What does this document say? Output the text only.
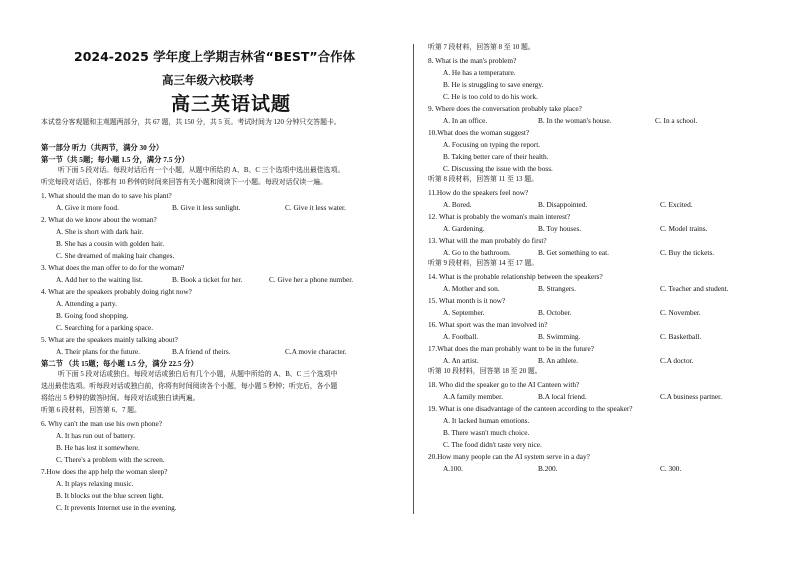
2024-2025 学年度上学期吉林省“BEST”合作体
高三年级六校联考
高三英语试题
本试卷分客观题和主观题两部分，共 67 题，共 150 分，共 5 页。考试时间为 120 分钟只交答题卡。
第一部分 听力（共两节，满分 30 分）
第一节（共 5题；每小题 1.5 分，满分 7.5 分）
听下面 5 段对话。每段对话后有一个小题，从题中所给的 A、B、C 三个选项中选出最佳选项。
听完每段对话后，你都有 10 秒钟的时间来回答有关小题和阅读下一小题。每段对话仅读一遍。
1. What should the man do to save his plant?
A. Give it more food.	B. Give it less sunlight.	C. Give it less water.
2. What do we know about the woman?
A. She is short with dark hair.
B. She has a cousin with golden hair.
C. She dreamed of making hair changes.
3. What does the man offer to do for the woman?
A. Add her to the waiting list.	B. Book a ticket for her.	C. Give her a phone number.
4. What are the speakers probably doing right now?
A. Attending a party.
B. Going food shopping.
C. Searching for a parking space.
5. What are the speakers mainly talking about?
A. Their plans for the future.	B.A friend of theirs.	C.A movie character.
第二节 （共 15题；每小题 1.5 分，满分 22.5 分）
听下面 5 段对话或独白。每段对话或独白后有几个小题，从题中所给的 A、B、C 三个选项中
选出最佳选项。听每段对话或独白前，你将有时间阅读各个小题，每小题 5 秒钟；听完后，各小题
将给出 5 秒钟的做答时间。每段对话或独白读两遍。
听第 6 段材料，回答第 6、7 题。
6. Why can't the man use his own phone?
A. It has run out of battery.
B. He has lost it somewhere.
C. There's a problem with the screen.
7.How does the app help the woman sleep?
A. It plays relaxing music.
B. It blocks out the blue screen light.
C. It prevents Internet use in the evening.
听第 7 段材料，回答第 8 至 10 题。
8. What is the man's problem?
A. He has a temperature.
B. He is struggling to save energy.
C. He is too cold to do his work.
9. Where does the conversation probably take place?
A. In an office.	B. In the woman's house.	C. In a school.
10.What does the woman suggest?
A. Focusing on typing the report.
B. Taking better care of their health.
C. Discussing the issue with the boss.
听第 8 段材料，回答第 11 至 13 题。
11.How do the speakers feel now?
A. Bored.	B. Disappointed.	C. Excited.
12. What is probably the woman's main interest?
A. Gardening.	B. Toy houses.	C. Model trains.
13. What will the man probably do first?
A. Go to the bathroom.	B. Get something to eat.	C. Buy the tickets.
听第 9 段材料，回答第 14 至 17 题。
14. What is the probable relationship between the speakers?
A. Mother and son.	B. Strangers.	C. Teacher and student.
15. What month is it now?
A. September.	B. October.	C. November.
16. What sport was the man involved in?
A. Football.	B. Swimming.	C. Basketball.
17.What does the man probably want to be in the future?
A. An artist.	B. An athlete.	C.A doctor.
听第 10 段材料，回答第 18 至 20 题。
18. Who did the speaker go to the AI Canteen with?
A.A family member.	B.A local friend.	C.A business partner.
19. What is one disadvantage of the canteen according to the speaker?
A. It lacked human emotions.
B. There wasn't much choice.
C. The food didn't taste very nice.
20.How many people can the AI system serve in a day?
A.100.	B.200.	C. 300.
